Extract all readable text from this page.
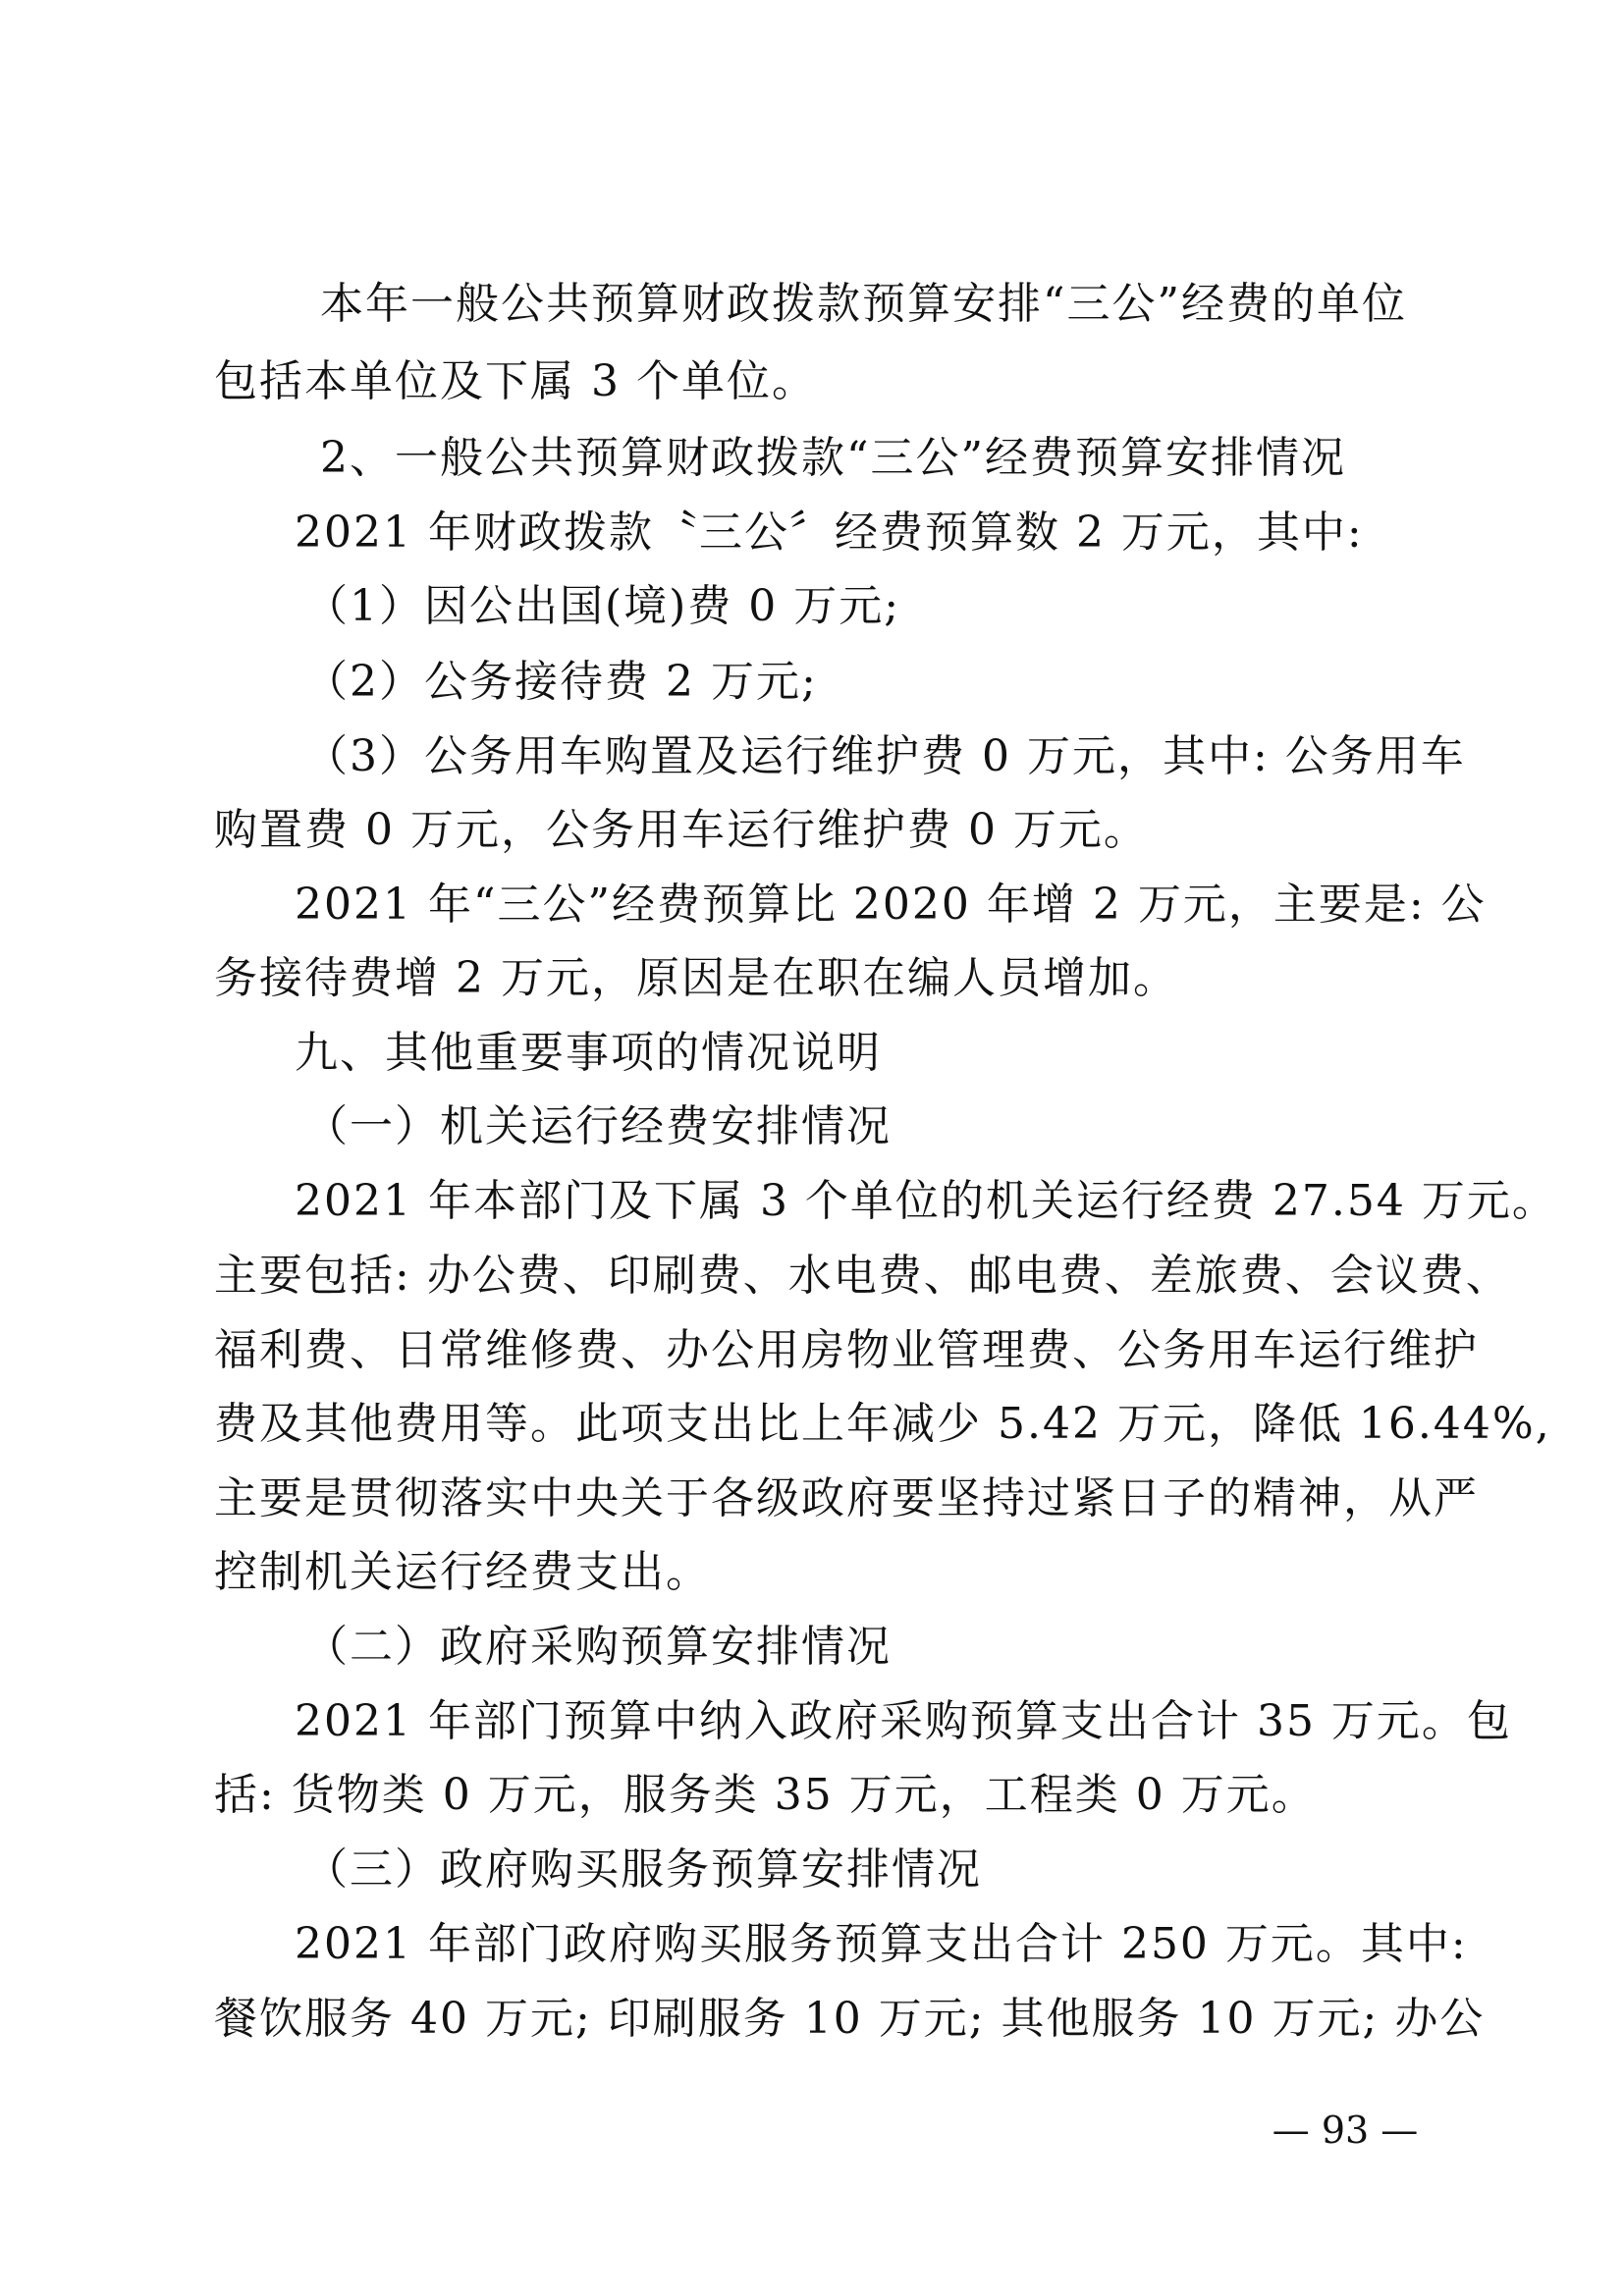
本年一般公共预算财政拨款预算安排“三公”经费的单位
包括本单位及下属 3 个单位。
2、一般公共预算财政拨款“三公”经费预算安排情况
2021 年财政拨款〝三公〞经费预算数 2 万元，其中:
（1）因公出国(境)费 0 万元;
（2）公务接待费 2 万元;
（3）公务用车购置及运行维护费 0 万元，其中: 公务用车
购置费 0 万元，公务用车运行维护费 0 万元。
2021 年“三公”经费预算比 2020 年增 2 万元，主要是: 公
务接待费增 2 万元，原因是在职在编人员增加。
九、其他重要事项的情况说明
（一）机关运行经费安排情况
2021 年本部门及下属 3 个单位的机关运行经费 27.54 万元。
主要包括: 办公费、印刷费、水电费、邮电费、差旅费、会议费、
福利费、日常维修费、办公用房物业管理费、公务用车运行维护
费及其他费用等。此项支出比上年减少 5.42 万元，降低 16.44%,
主要是贯彻落实中央关于各级政府要坚持过紧日子的精神，从严
控制机关运行经费支出。
（二）政府采购预算安排情况
2021 年部门预算中纳入政府采购预算支出合计 35 万元。包
括: 货物类 0 万元，服务类 35 万元，工程类 0 万元。
（三）政府购买服务预算安排情况
2021 年部门政府购买服务预算支出合计 250 万元。其中:
餐饮服务 40 万元; 印刷服务 10 万元; 其他服务 10 万元; 办公
— 93 —
